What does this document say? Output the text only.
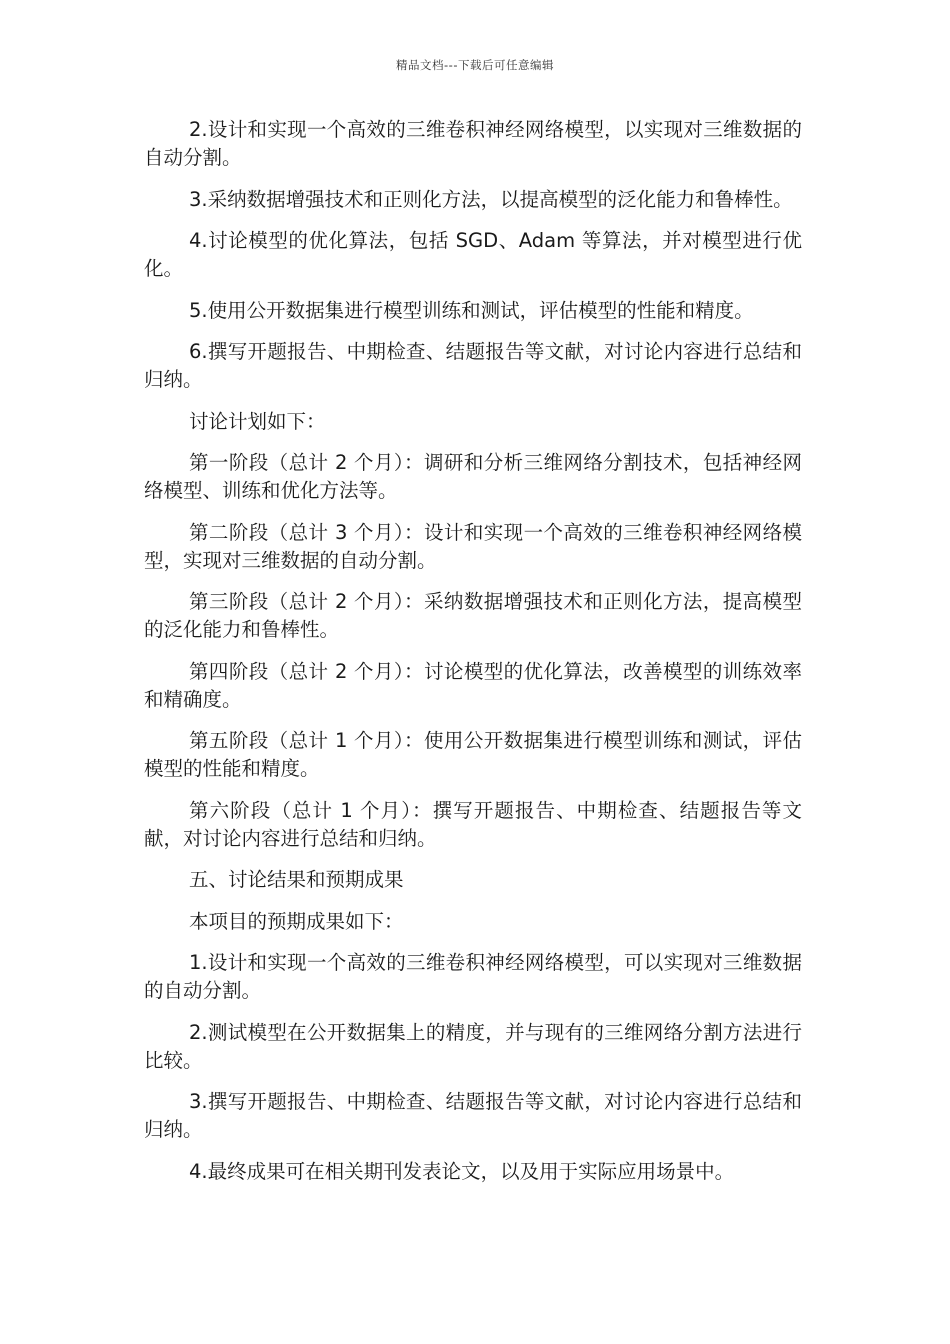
精品文档---下载后可任意编辑

2.设计和实现一个高效的三维卷积神经网络模型，以实现对三维数据的自动分割。

3.采纳数据增强技术和正则化方法，以提高模型的泛化能力和鲁棒性。

4.讨论模型的优化算法，包括 SGD、Adam 等算法，并对模型进行优化。

5.使用公开数据集进行模型训练和测试，评估模型的性能和精度。

6.撰写开题报告、中期检查、结题报告等文献，对讨论内容进行总结和归纳。

讨论计划如下：

第一阶段（总计 2 个月）：调研和分析三维网络分割技术，包括神经网络模型、训练和优化方法等。

第二阶段（总计 3 个月）：设计和实现一个高效的三维卷积神经网络模型，实现对三维数据的自动分割。

第三阶段（总计 2 个月）：采纳数据增强技术和正则化方法，提高模型的泛化能力和鲁棒性。

第四阶段（总计 2 个月）：讨论模型的优化算法，改善模型的训练效率和精确度。

第五阶段（总计 1 个月）：使用公开数据集进行模型训练和测试，评估模型的性能和精度。

第六阶段（总计 1 个月）：撰写开题报告、中期检查、结题报告等文献，对讨论内容进行总结和归纳。

五、讨论结果和预期成果

本项目的预期成果如下：

1.设计和实现一个高效的三维卷积神经网络模型，可以实现对三维数据的自动分割。

2.测试模型在公开数据集上的精度，并与现有的三维网络分割方法进行比较。

3.撰写开题报告、中期检查、结题报告等文献，对讨论内容进行总结和归纳。

4.最终成果可在相关期刊发表论文，以及用于实际应用场景中。
